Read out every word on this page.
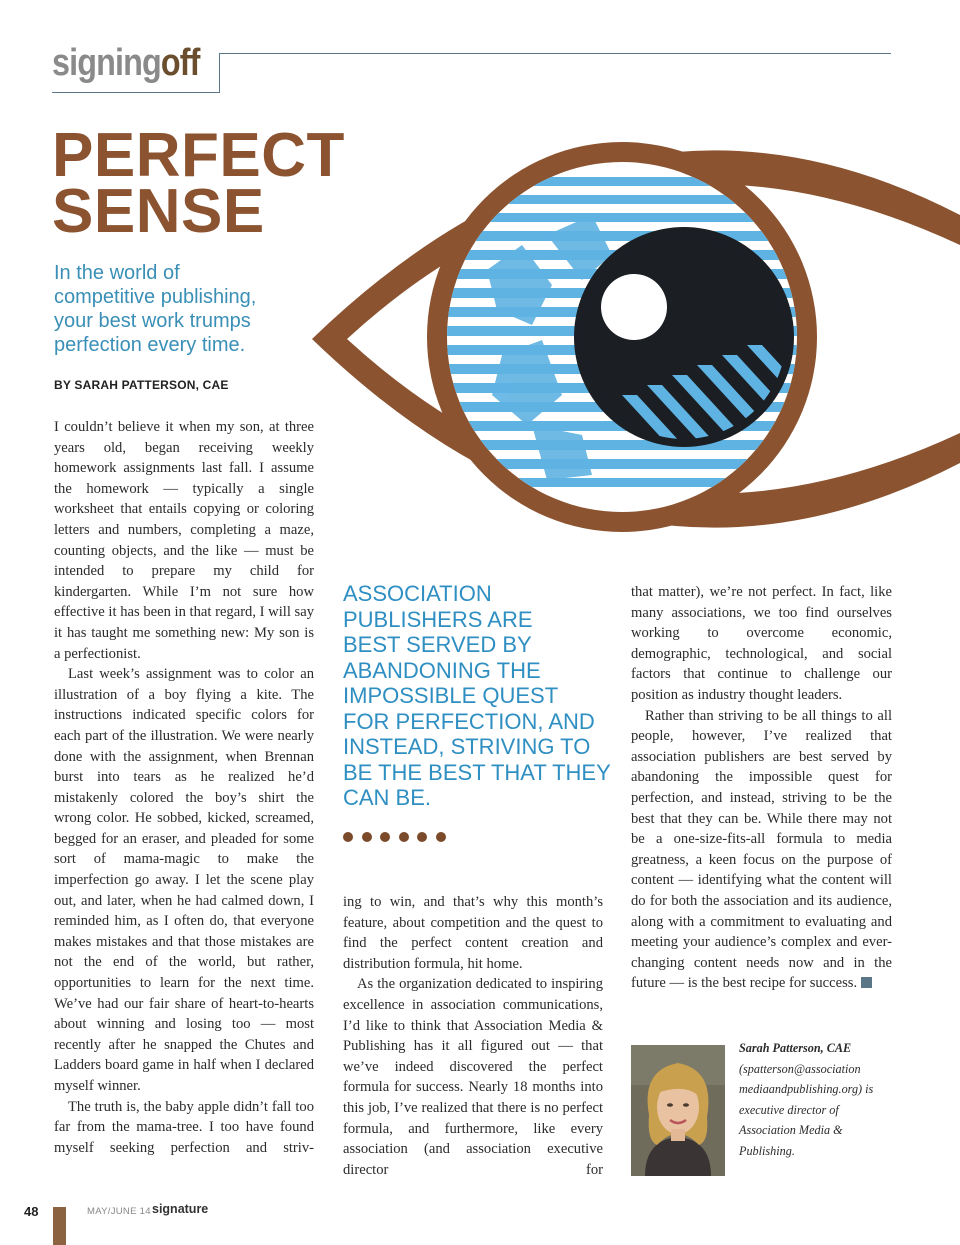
signingoff
PERFECT
SENSE
In the world of
competitive publishing,
your best work trumps
perfection every time.
BY SARAH PATTERSON, CAE

I couldn’t believe it when my son, at three years old, began receiving weekly homework assignments last fall. I assume the homework — typically a single worksheet that entails copying or coloring letters and numbers, completing a maze, counting objects, and the like — must be intended to prepare my child for kindergarten. While I’m not sure how effective it has been in that regard, I will say it has taught me something new: My son is a perfectionist.

Last week’s assignment was to color an illustration of a boy flying a kite. The instructions indicated specific colors for each part of the illustration. We were nearly done with the assignment, when Brennan burst into tears as he realized he’d mistakenly colored the boy’s shirt the wrong color. He sobbed, kicked, screamed, begged for an eraser, and pleaded for some sort of mama-magic to make the imperfection go away. I let the scene play out, and later, when he had calmed down, I reminded him, as I often do, that everyone makes mistakes and that those mistakes are not the end of the world, but rather, opportunities to learn for the next time. We’ve had our fair share of heart-to-hearts about winning and losing too — most recently after he snapped the Chutes and Ladders board game in half when I declared myself winner.

The truth is, the baby apple didn’t fall too far from the mama-tree. I too have found myself seeking perfection and striv-

ASSOCIATION
PUBLISHERS ARE
BEST SERVED BY
ABANDONING THE
IMPOSSIBLE QUEST
FOR PERFECTION, AND
INSTEAD, STRIVING TO
BE THE BEST THAT THEY
CAN BE.

ing to win, and that’s why this month’s feature, about competition and the quest to find the perfect content creation and distribution formula, hit home.

As the organization dedicated to inspiring excellence in association communications, I’d like to think that Association Media & Publishing has it all figured out — that we’ve indeed discovered the perfect formula for success. Nearly 18 months into this job, I’ve realized that there is no perfect formula, and furthermore, like every association (and association executive director for

that matter), we’re not perfect. In fact, like many associations, we too find ourselves working to overcome economic, demographic, technological, and social factors that continue to challenge our position as industry thought leaders.

Rather than striving to be all things to all people, however, I’ve realized that association publishers are best served by abandoning the impossible quest for perfection, and instead, striving to be the best that they can be. While there may not be a one-size-fits-all formula to media greatness, a keen focus on the purpose of content — identifying what the content will do for both the association and its audience, along with a commitment to evaluating and meeting your audience’s complex and ever-changing content needs now and in the future — is the best recipe for success.

Sarah Patterson, CAE
(spatterson@association
mediaandpublishing.org) is
executive director of
Association Media &
Publishing.
48	MAY/JUNE 14 signature
